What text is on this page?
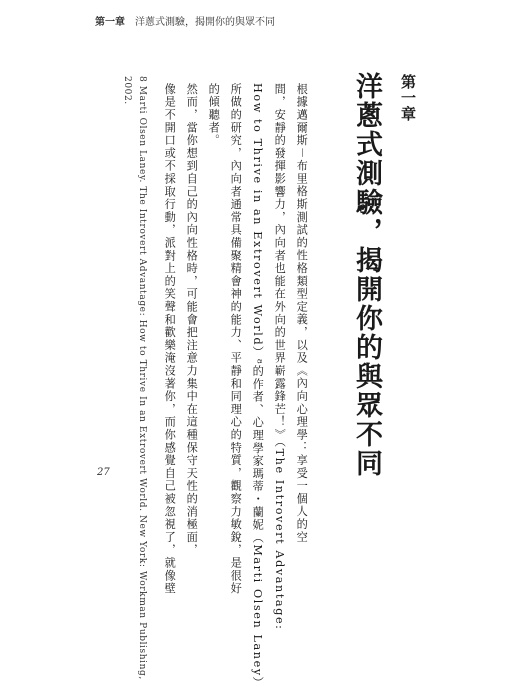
第一章 洋蔥式測驗，揭開你的與眾不同
第一章
洋蔥式測驗，揭開你的與眾不同
根據邁爾斯－布里格斯測試的性格類型定義，以及《內向心理學：享受一個人的空
間，安靜的發揮影響力，內向者也能在外向的世界嶄露鋒芒！》（The Introvert Advantage:
How to Thrive in an Extrovert World）⁸的作者、心理學家瑪蒂・蘭妮（Marti Olsen Laney）
所做的研究，內向者通常具備聚精會神的能力、平靜和同理心的特質，觀察力敏銳，是很好
的傾聽者。
然而，當你想到自己的內向性格時，可能會把注意力集中在這種保守天性的消極面，
像是不開口或不採取行動，派對上的笑聲和歡樂淹沒著你，而你感覺自己被忽視了，就像壁
8 Marti Olsen Laney. The Introvert Advantage: How to Thrive In an Extrovert World. New York: Workman Publishing,
2002.
27
